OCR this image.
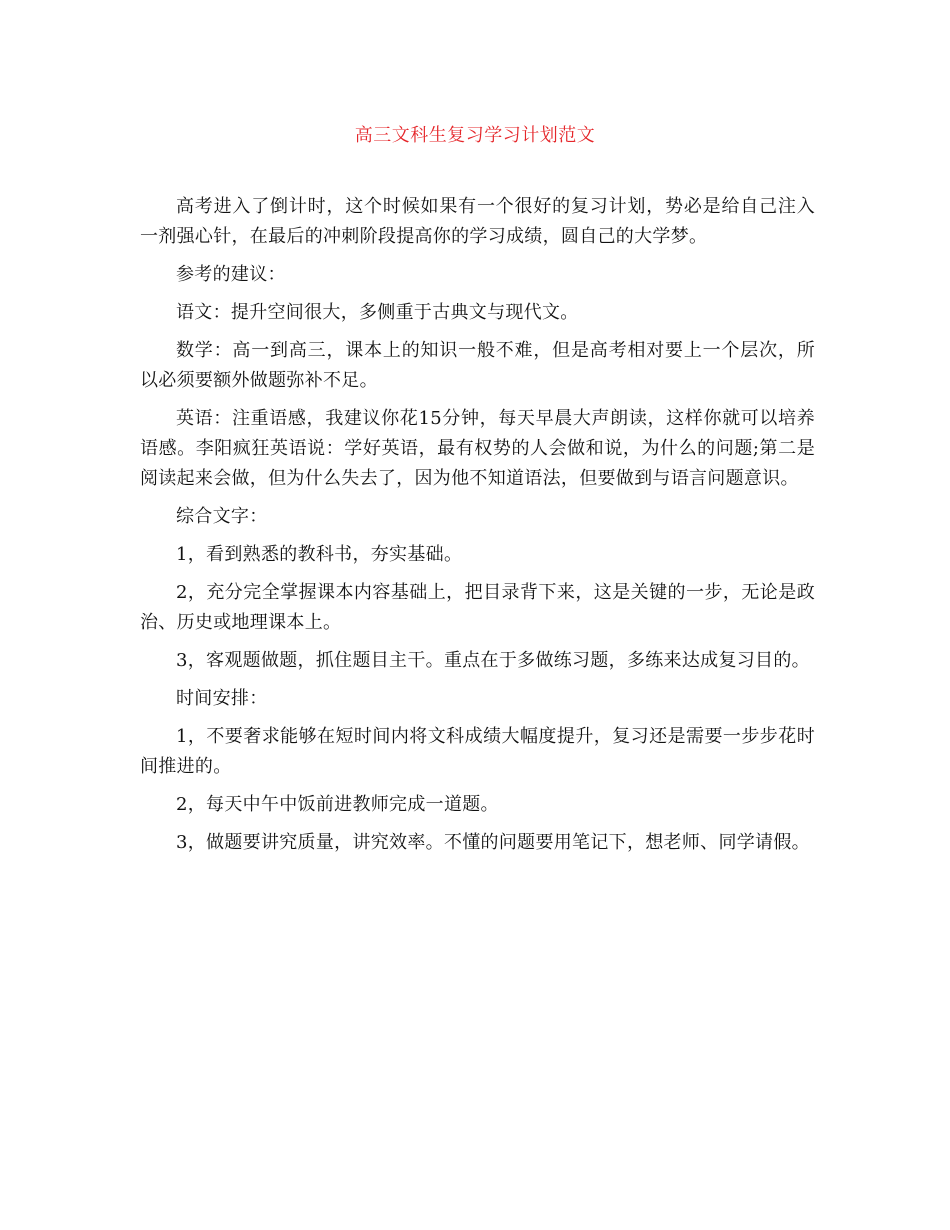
高三文科生复习学习计划范文

高考进入了倒计时，这个时候如果有一个很好的复习计划，势必是给自己注入一剂强心针，在最后的冲刺阶段提高你的学习成绩，圆自己的大学梦。

参考的建议：

语文：提升空间很大，多侧重于古典文与现代文。

数学：高一到高三，课本上的知识一般不难，但是高考相对要上一个层次，所以必须要额外做题弥补不足。

英语：注重语感，我建议你花15分钟，每天早晨大声朗读，这样你就可以培养语感。李阳疯狂英语说：学好英语，最有权势的人会做和说，为什么的问题;第二是阅读起来会做，但为什么失去了，因为他不知道语法，但要做到与语言问题意识。

综合文字：

1，看到熟悉的教科书，夯实基础。

2，充分完全掌握课本内容基础上，把目录背下来，这是关键的一步，无论是政治、历史或地理课本上。

3，客观题做题，抓住题目主干。重点在于多做练习题，多练来达成复习目的。

时间安排：

1，不要奢求能够在短时间内将文科成绩大幅度提升，复习还是需要一步步花时间推进的。

2，每天中午中饭前进教师完成一道题。

3，做题要讲究质量，讲究效率。不懂的问题要用笔记下，想老师、同学请假。
